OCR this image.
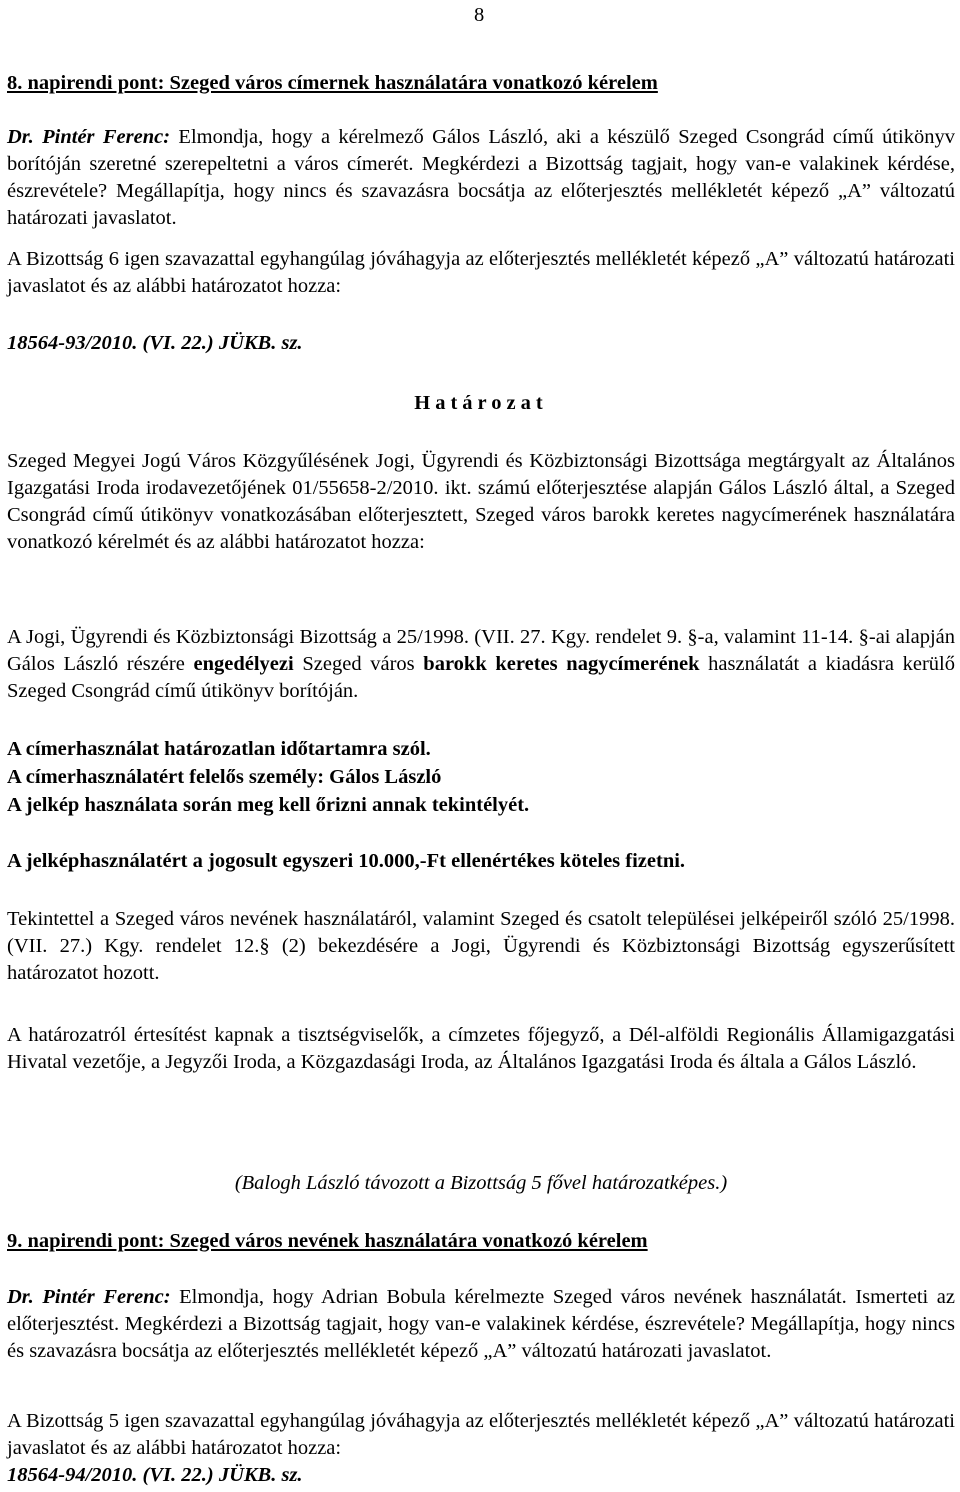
8

8. napirendi pont: Szeged város címernek használatára vonatkozó kérelem

Dr. Pintér Ferenc: Elmondja, hogy a kérelmező Gálos László, aki a készülő Szeged Csongrád című útikönyv borítóján szeretné szerepeltetni a város címerét. Megkérdezi a Bizottság tagjait, hogy van-e valakinek kérdése, észrevétele? Megállapítja, hogy nincs és szavazásra bocsátja az előterjesztés mellékletét képező „A” változatú határozati javaslatot.

A Bizottság 6 igen szavazattal egyhangúlag jóváhagyja az előterjesztés mellékletét képező „A” változatú határozati javaslatot és az alábbi határozatot hozza:

18564-93/2010. (VI. 22.) JÜKB. sz.

Határozat

Szeged Megyei Jogú Város Közgyűlésének Jogi, Ügyrendi és Közbiztonsági Bizottsága megtárgyalt az Általános Igazgatási Iroda irodavezetőjének 01/55658-2/2010. ikt. számú előterjesztése alapján Gálos László által, a Szeged Csongrád című útikönyv vonatkozásában előterjesztett, Szeged város barokk keretes nagycímerének használatára vonatkozó kérelmét és az alábbi határozatot hozza:

A Jogi, Ügyrendi és Közbiztonsági Bizottság a 25/1998. (VII. 27. Kgy. rendelet 9. §-a, valamint 11-14. §-ai alapján Gálos László részére engedélyezi Szeged város barokk keretes nagycímerének használatát a kiadásra kerülő Szeged Csongrád című útikönyv borítóján.

A címerhasználat határozatlan időtartamra szól.

A címerhasználatért felelős személy: Gálos László

A jelkép használata során meg kell őrizni annak tekintélyét.

A jelképhasználatért a jogosult egyszeri 10.000,-Ft ellenértékes köteles fizetni.

Tekintettel a Szeged város nevének használatáról, valamint Szeged és csatolt települései jelképeiről szóló 25/1998. (VII. 27.) Kgy. rendelet 12.§ (2) bekezdésére a Jogi, Ügyrendi és Közbiztonsági Bizottság egyszerűsített határozatot hozott.

A határozatról értesítést kapnak a tisztségviselők, a címzetes főjegyző, a Dél-alföldi Regionális Államigazgatási Hivatal vezetője, a Jegyzői Iroda, a Közgazdasági Iroda, az Általános Igazgatási Iroda és általa a Gálos László.

(Balogh László távozott a Bizottság 5 fővel határozatképes.)

9. napirendi pont: Szeged város nevének használatára vonatkozó kérelem

Dr. Pintér Ferenc: Elmondja, hogy Adrian Bobula kérelmezte Szeged város nevének használatát. Ismerteti az előterjesztést. Megkérdezi a Bizottság tagjait, hogy van-e valakinek kérdése, észrevétele? Megállapítja, hogy nincs és szavazásra bocsátja az előterjesztés mellékletét képező „A” változatú határozati javaslatot.

A Bizottság 5 igen szavazattal egyhangúlag jóváhagyja az előterjesztés mellékletét képező „A” változatú határozati javaslatot és az alábbi határozatot hozza:

18564-94/2010. (VI. 22.) JÜKB. sz.
